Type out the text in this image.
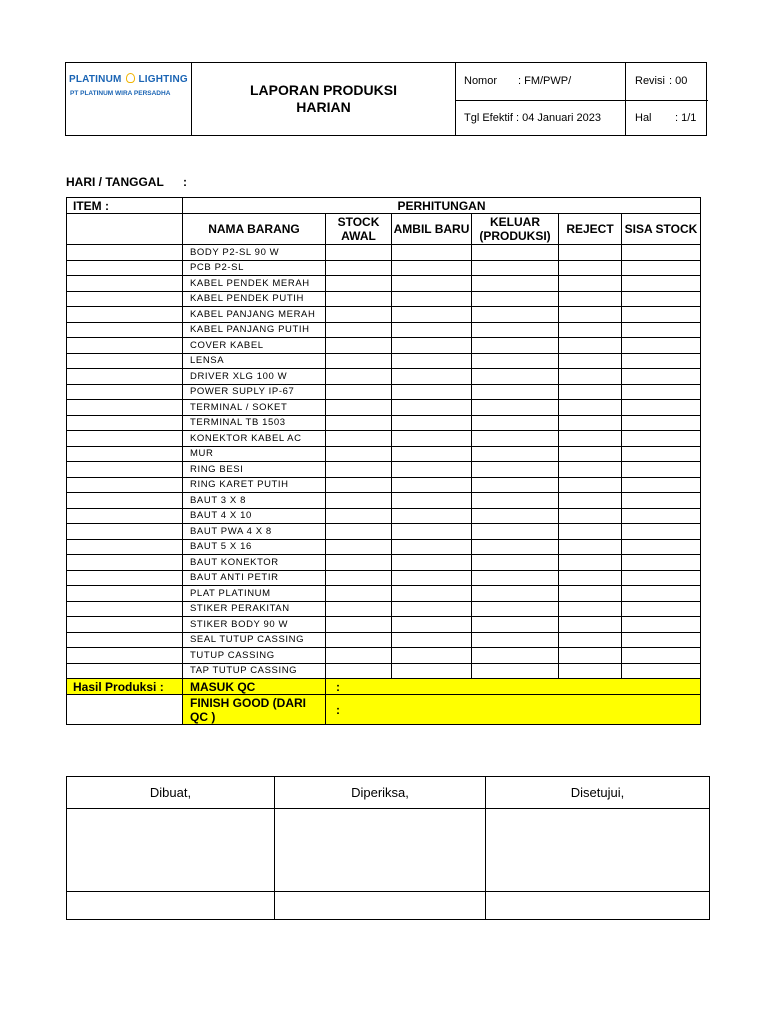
PLATINUM LIGHTING
PT PLATINUM WIRA PERSADHA	LAPORAN PRODUKSI
HARIAN
Nomor : FM/PWP/
Tgl Efektif : 04 Januari 2023
Revisi : 00
Hal : 1/1
HARI / TANGGAL :
ITEM :	PERHITUNGAN					
	NAMA BARANG	STOCK AWAL	AMBIL BARU	KELUAR (PRODUKSI)	REJECT	SISA STOCK
	BODY P2-SL 90 W					
	PCB P2-SL					
	KABEL PENDEK MERAH					
	KABEL PENDEK PUTIH					
	KABEL PANJANG MERAH					
	KABEL PANJANG PUTIH					
	COVER KABEL					
	LENSA					
	DRIVER XLG 100 W					
	POWER SUPLY IP-67					
	TERMINAL / SOKET					
	TERMINAL TB 1503					
	KONEKTOR KABEL AC					
	MUR					
	RING BESI					
	RING KARET PUTIH					
	BAUT 3 X 8					
	BAUT 4 X 10					
	BAUT PWA 4 X 8					
	BAUT 5 X 16					
	BAUT KONEKTOR					
	BAUT ANTI PETIR					
	PLAT PLATINUM					
	STIKER PERAKITAN					
	STIKER BODY 90 W					
	SEAL TUTUP CASSING					
	TUTUP CASSING					
	TAP TUTUP CASSING					
Hasil Produksi :	MASUK QC	:				
	FINISH GOOD (DARI QC )	:				
Dibuat,	Diperiksa,	Disetujui,
